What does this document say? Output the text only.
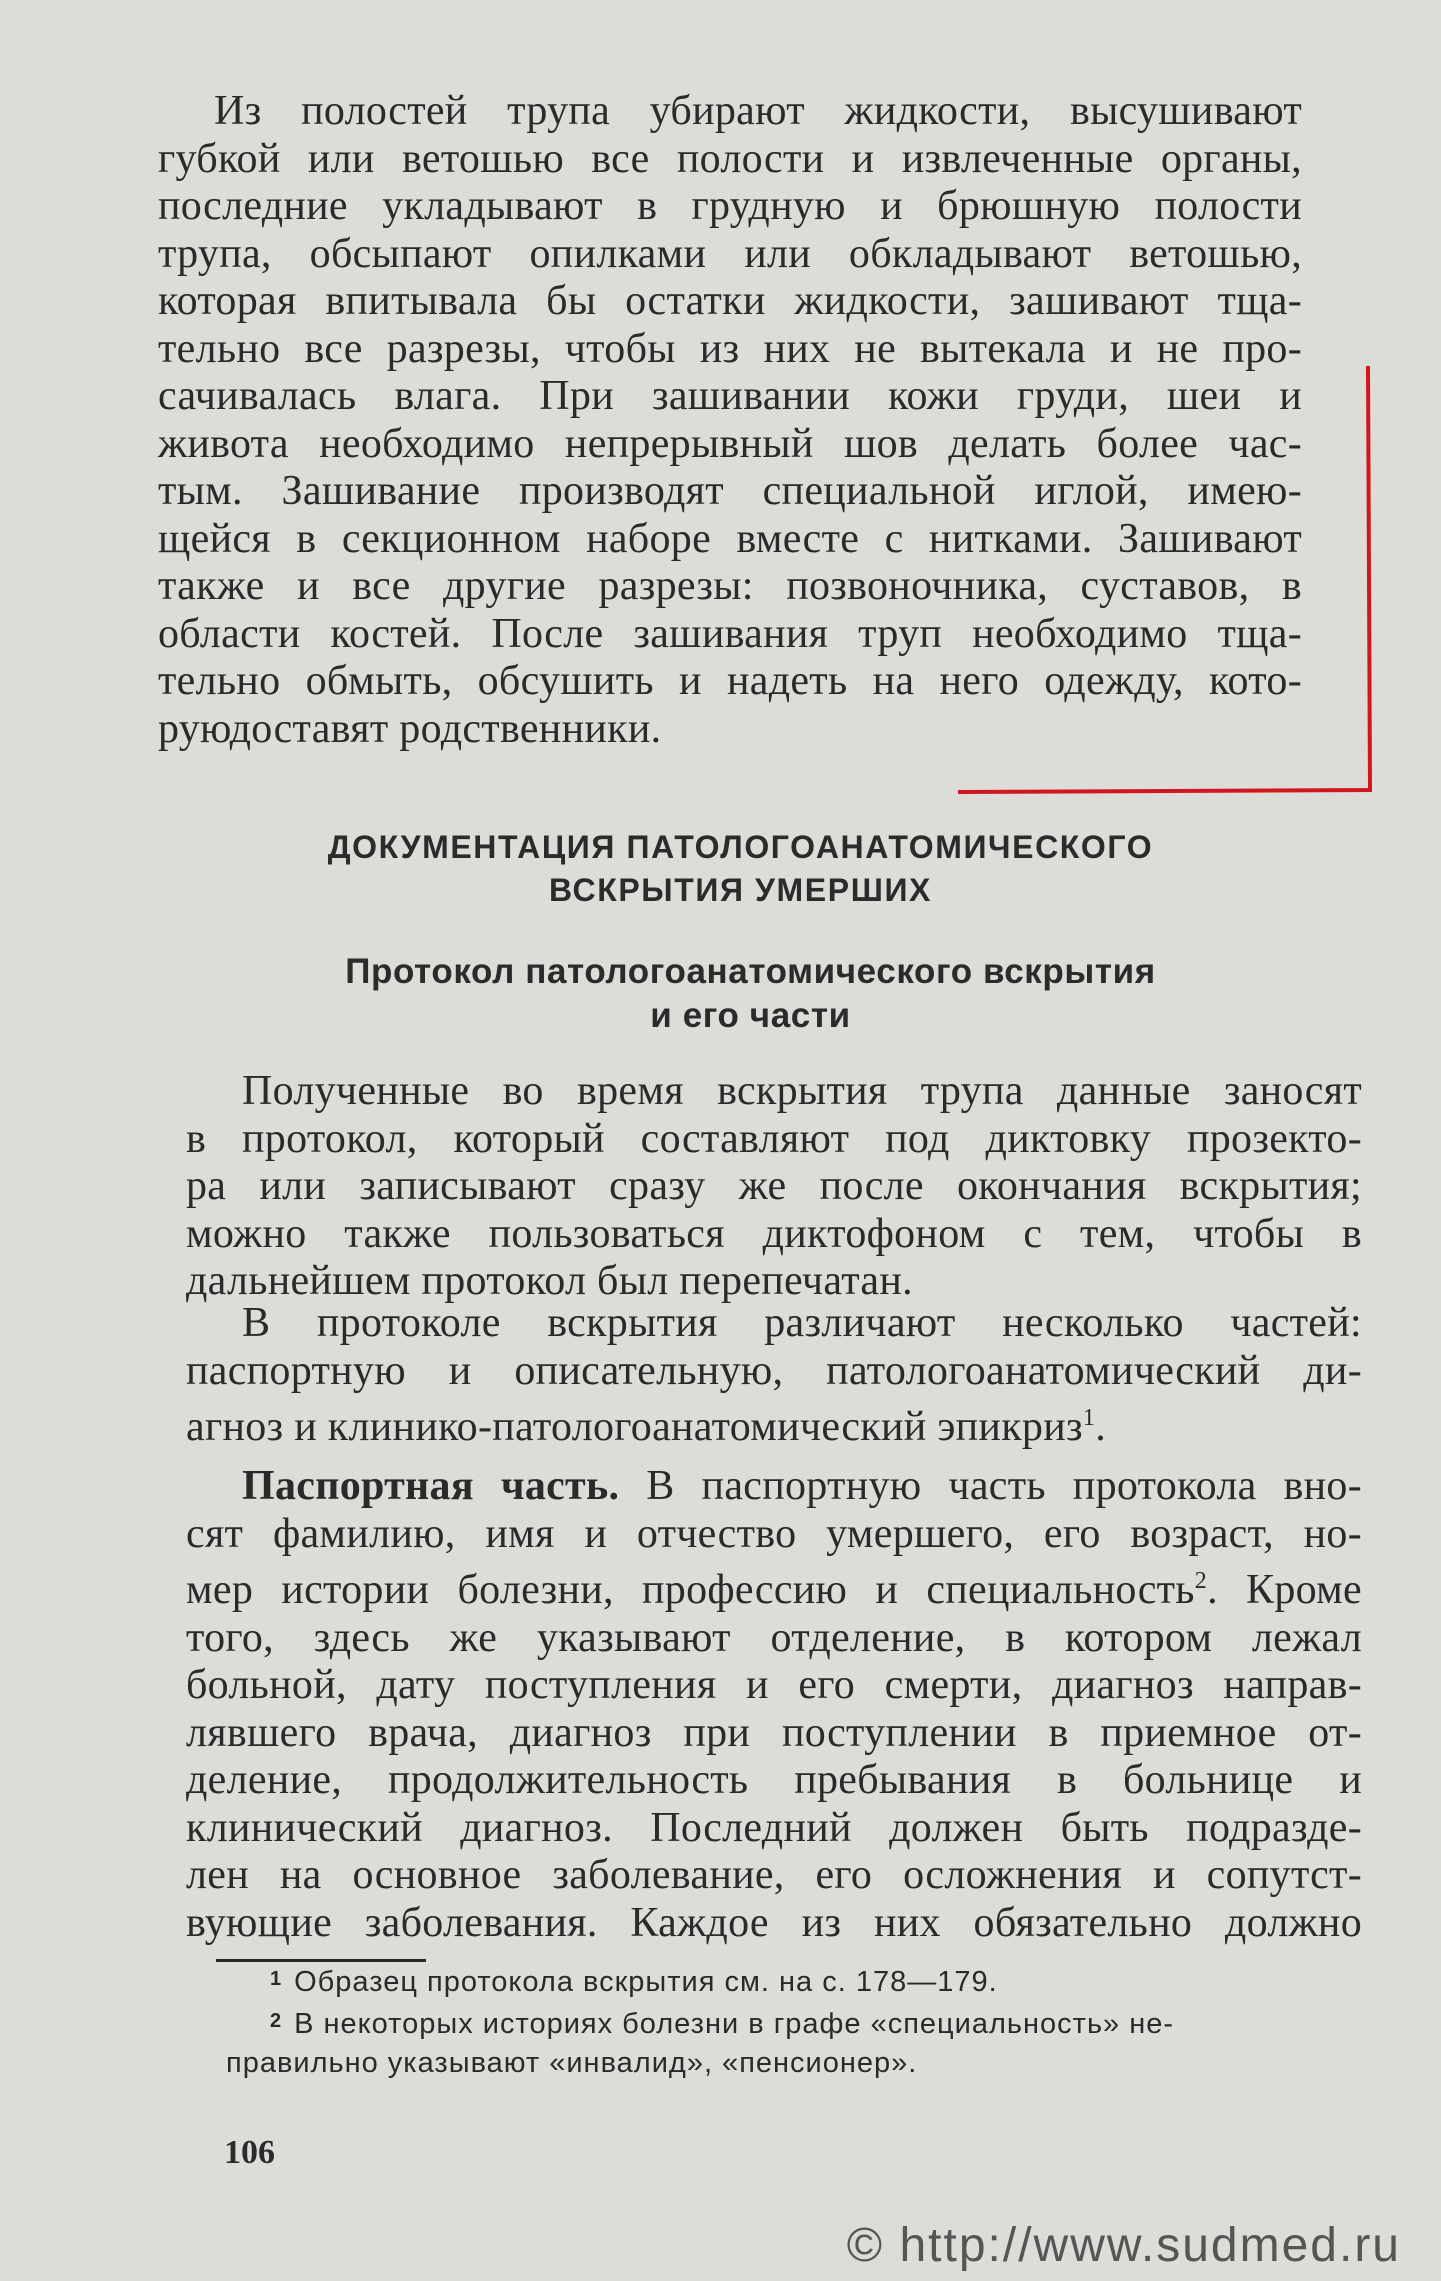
Из полостей трупа убирают жидкости, высушивают
губкой или ветошью все полости и извлеченные органы,
последние укладывают в грудную и брюшную полости
трупа, обсыпают опилками или обкладывают ветошью,
которая впитывала бы остатки жидкости, зашивают тща-
тельно все разрезы, чтобы из них не вытекала и не про-
сачивалась влага. При зашивании кожи груди, шеи и
живота необходимо непрерывный шов делать более час-
тым. Зашивание производят специальной иглой, имею-
щейся в секционном наборе вместе с нитками. Зашивают
также и все другие разрезы: позвоночника, суставов, в
области костей. После зашивания труп необходимо тща-
тельно обмыть, обсушить и надеть на него одежду, кото-
руюдоставят родственники.
ДОКУМЕНТАЦИЯ ПАТОЛОГОАНАТОМИЧЕСКОГО
ВСКРЫТИЯ УМЕРШИХ
Протокол патологоанатомического вскрытия
и его части
Полученные во время вскрытия трупа данные заносят
в протокол, который составляют под диктовку прозекто-
ра или записывают сразу же после окончания вскрытия;
можно также пользоваться диктофоном с тем, чтобы в
дальнейшем протокол был перепечатан.
В протоколе вскрытия различают несколько частей:
паспортную и описательную, патологоанатомический ди-
агноз и клинико-патологоанатомический эпикриз$^1$.
Паспортная часть. В паспортную часть протокола вно-
сят фамилию, имя и отчество умершего, его возраст, но-
мер истории болезни, профессию и специальность$^2$. Кроме
того, здесь же указывают отделение, в котором лежал
больной, дату поступления и его смерти, диагноз направ-
лявшего врача, диагноз при поступлении в приемное от-
деление, продолжительность пребывания в больнице и
клинический диагноз. Последний должен быть подразде-
лен на основное заболевание, его осложнения и сопутст-
вующие заболевания. Каждое из них обязательно должно
$^1$ Образец протокола вскрытия см. на с. 178—179.
$^2$ В некоторых историях болезни в графе «специальность» не-
правильно указывают «инвалид», «пенсионер».
106
© http://www.sudmed.ru
